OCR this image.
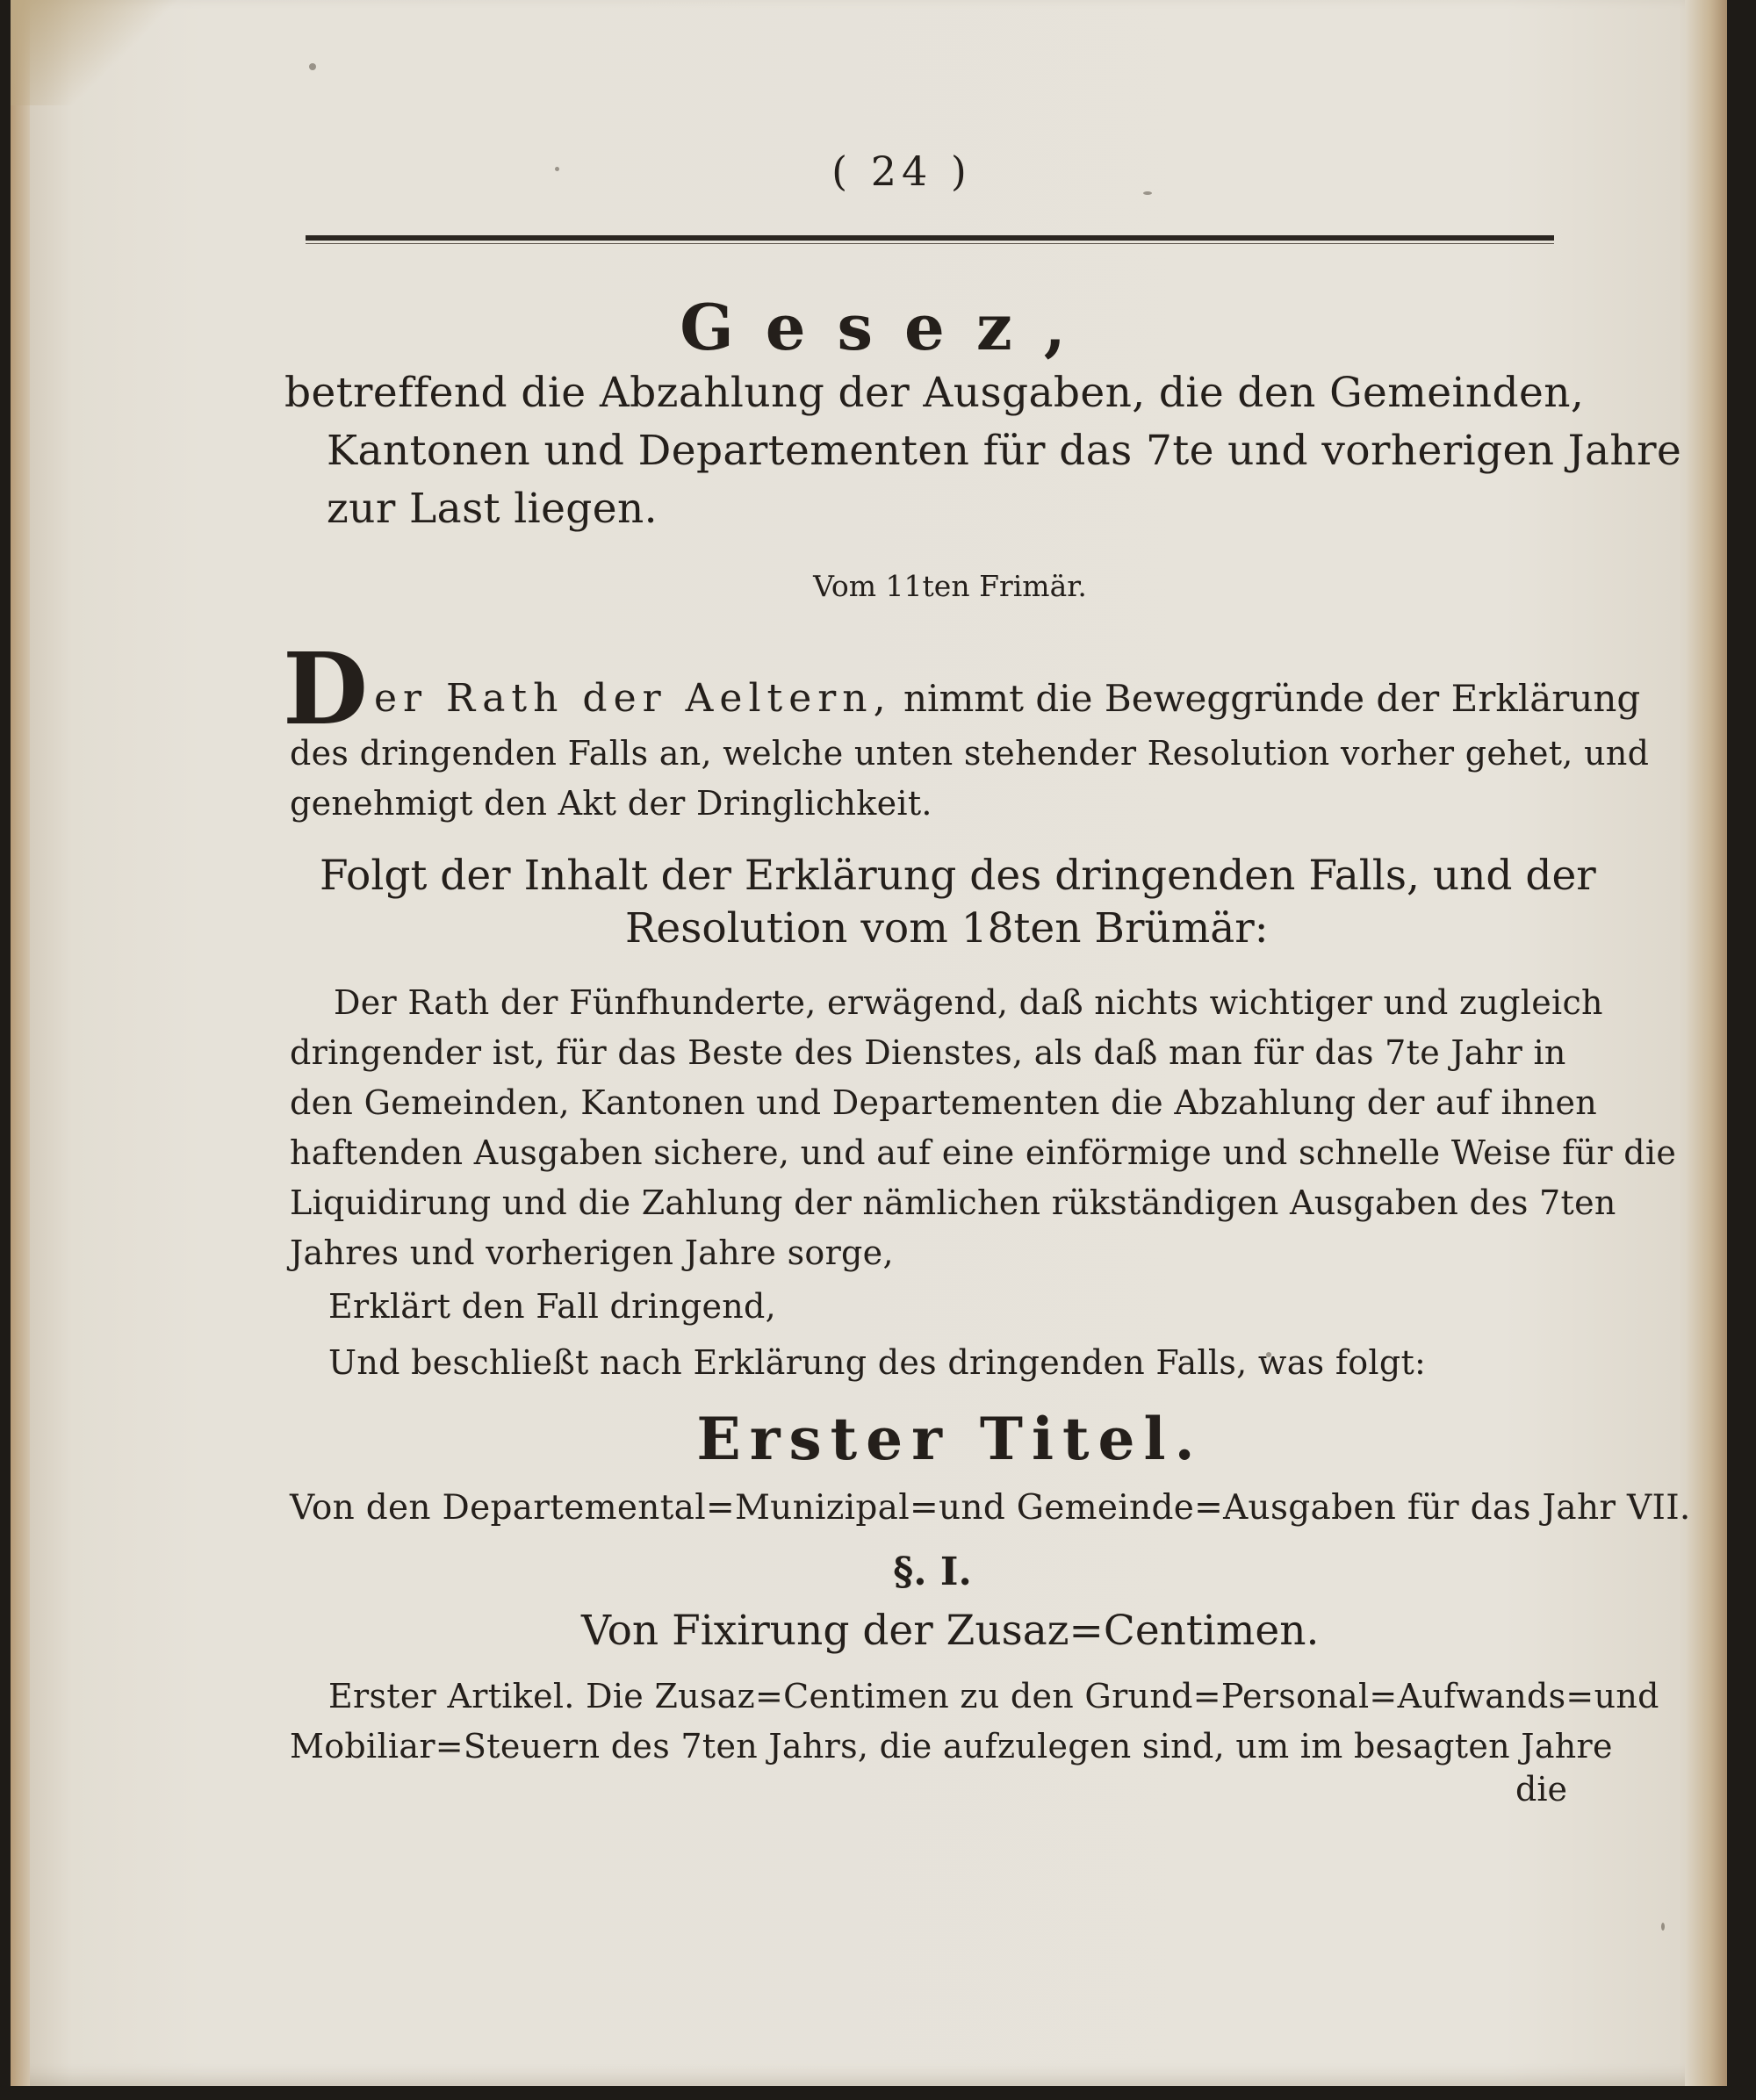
( 24 )

Gesez,

betreffend die Abzahlung der Ausgaben, die den Gemeinden,

Kantonen und Departementen für das 7te und vorherigen Jahre

zur Last liegen.

Vom 11ten Frimär.

D er Rath der Aeltern, nimmt die Beweggründe der Erklärung

des dringenden Falls an, welche unten stehender Resolution vorher gehet, und

genehmigt den Akt der Dringlichkeit.

Folgt der Inhalt der Erklärung des dringenden Falls, und der

Resolution vom 18ten Brümär:

Der Rath der Fünfhunderte, erwägend, daß nichts wichtiger und zugleich

dringender ist, für das Beste des Dienstes, als daß man für das 7te Jahr in

den Gemeinden, Kantonen und Departementen die Abzahlung der auf ihnen

haftenden Ausgaben sichere, und auf eine einförmige und schnelle Weise für die

Liquidirung und die Zahlung der nämlichen rükständigen Ausgaben des 7ten

Jahres und vorherigen Jahre sorge,

Erklärt den Fall dringend,

Und beschließt nach Erklärung des dringenden Falls, was folgt:

Erster Titel.

Von den Departemental=Munizipal=und Gemeinde=Ausgaben für das Jahr VII.

§. I.

Von Fixirung der Zusaz=Centimen.

Erster Artikel. Die Zusaz=Centimen zu den Grund=Personal=Aufwands=und

Mobiliar=Steuern des 7ten Jahrs, die aufzulegen sind, um im besagten Jahre

die
